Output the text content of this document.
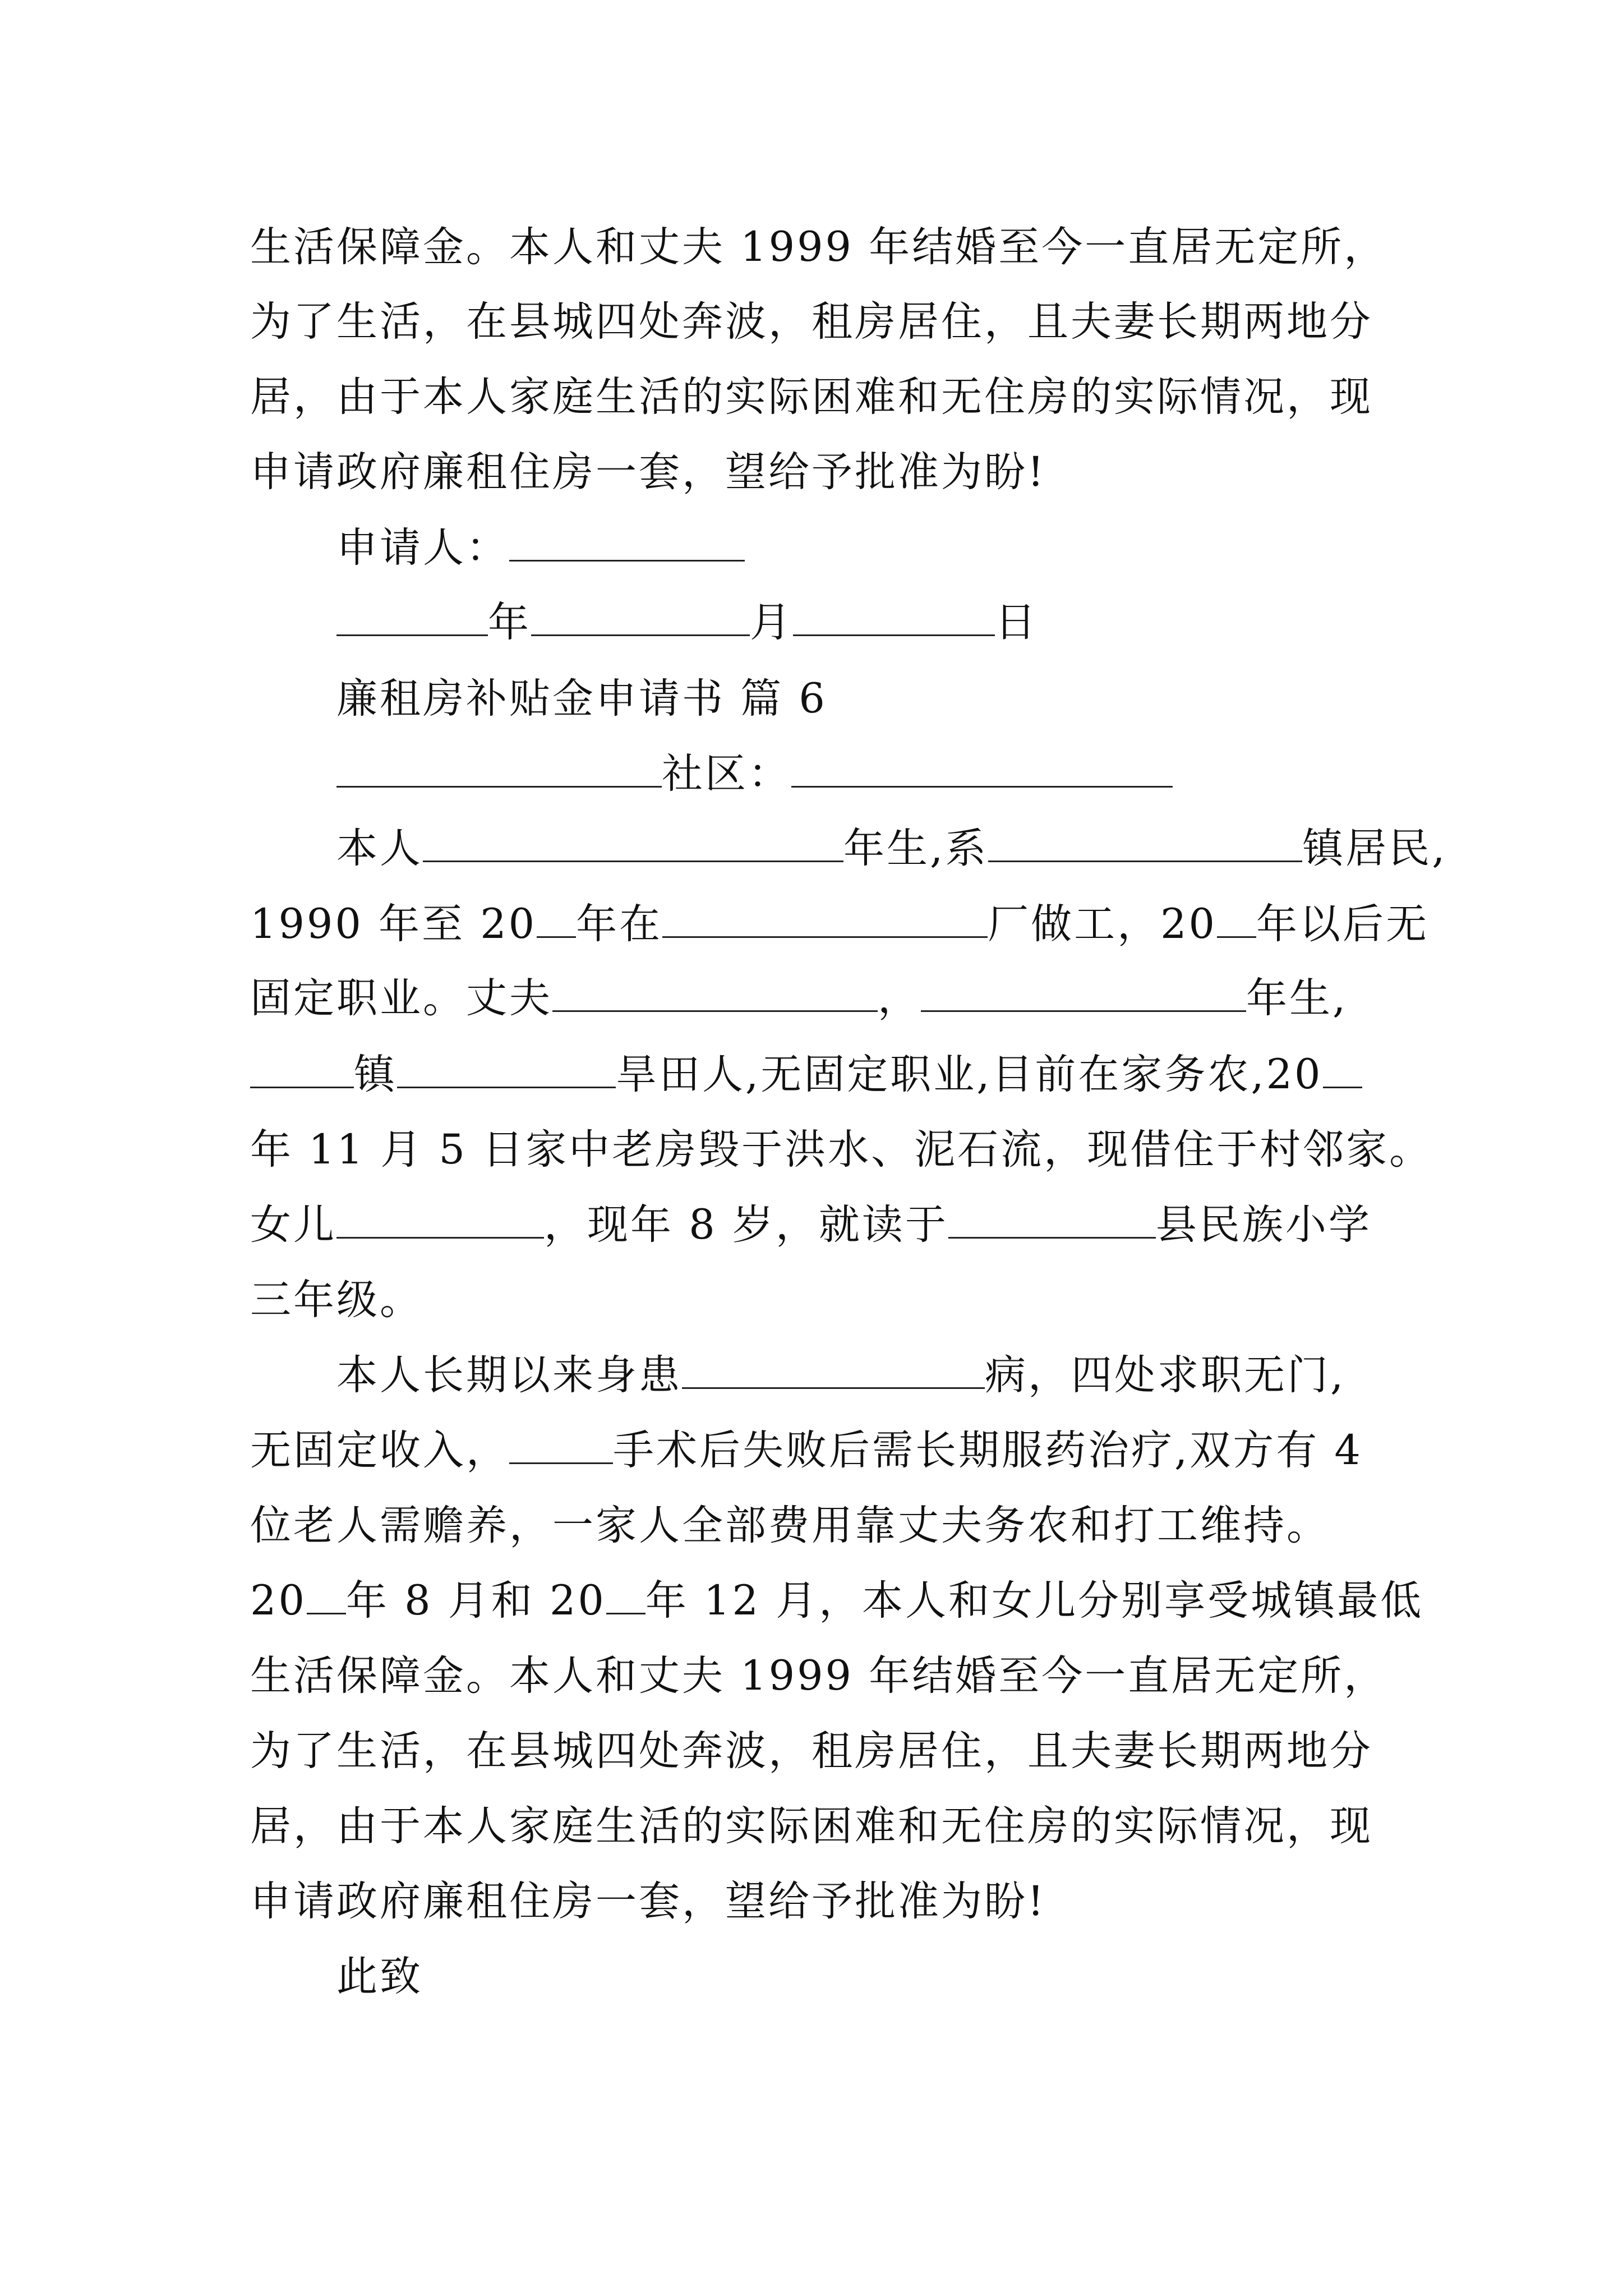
生活保障金。本人和丈夫 1999 年结婚至今一直居无定所，
为了生活，在县城四处奔波，租房居住，且夫妻长期两地分
居，由于本人家庭生活的实际困难和无住房的实际情况，现
申请政府廉租住房一套，望给予批准为盼!
申请人：
年	月	日
廉租房补贴金申请书 篇 6
社区：
本人	年生,系	镇居民,
1990 年至 20 年在	厂做工，20 年以后无
固定职业。丈夫	，	年生,
镇	旱田人,无固定职业,目前在家务农,20
年 11 月 5 日家中老房毁于洪水、泥石流，现借住于村邻家。
女儿	，现年 8 岁，就读于	县民族小学
三年级。
本人长期以来身患	病，四处求职无门,
无固定收入，	手术后失败后需长期服药治疗,双方有 4
位老人需赡养，一家人全部费用靠丈夫务农和打工维持。
20 年 8 月和 20 年 12 月，本人和女儿分别享受城镇最低
生活保障金。本人和丈夫 1999 年结婚至今一直居无定所，
为了生活，在县城四处奔波，租房居住，且夫妻长期两地分
居，由于本人家庭生活的实际困难和无住房的实际情况，现
申请政府廉租住房一套，望给予批准为盼!
此致
